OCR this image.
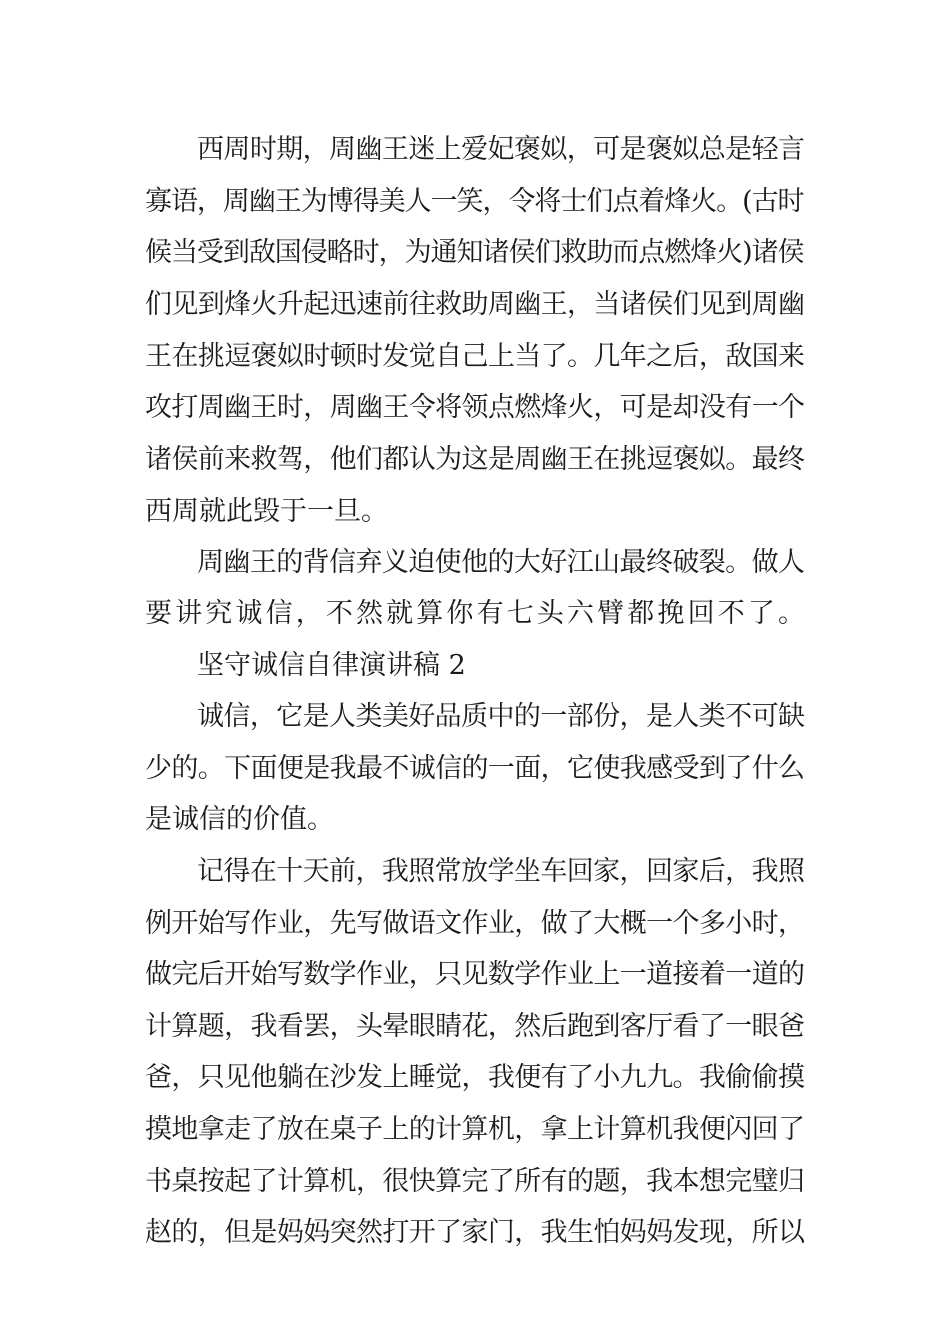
西周时期，周幽王迷上爱妃褒姒，可是褒姒总是轻言
寡语，周幽王为博得美人一笑，令将士们点着烽火。(古时
候当受到敌国侵略时，为通知诸侯们救助而点燃烽火)诸侯
们见到烽火升起迅速前往救助周幽王，当诸侯们见到周幽
王在挑逗褒姒时顿时发觉自己上当了。几年之后，敌国来
攻打周幽王时，周幽王令将领点燃烽火，可是却没有一个
诸侯前来救驾，他们都认为这是周幽王在挑逗褒姒。最终
西周就此毁于一旦。
周幽王的背信弃义迫使他的大好江山最终破裂。做人
要讲究诚信，不然就算你有七头六臂都挽回不了。
坚守诚信自律演讲稿 2
诚信，它是人类美好品质中的一部份，是人类不可缺
少的。下面便是我最不诚信的一面，它使我感受到了什么
是诚信的价值。
记得在十天前，我照常放学坐车回家，回家后，我照
例开始写作业，先写做语文作业，做了大概一个多小时，
做完后开始写数学作业，只见数学作业上一道接着一道的
计算题，我看罢，头晕眼睛花，然后跑到客厅看了一眼爸
爸，只见他躺在沙发上睡觉，我便有了小九九。我偷偷摸
摸地拿走了放在桌子上的计算机，拿上计算机我便闪回了
书桌按起了计算机，很快算完了所有的题，我本想完璧归
赵的，但是妈妈突然打开了家门，我生怕妈妈发现，所以
